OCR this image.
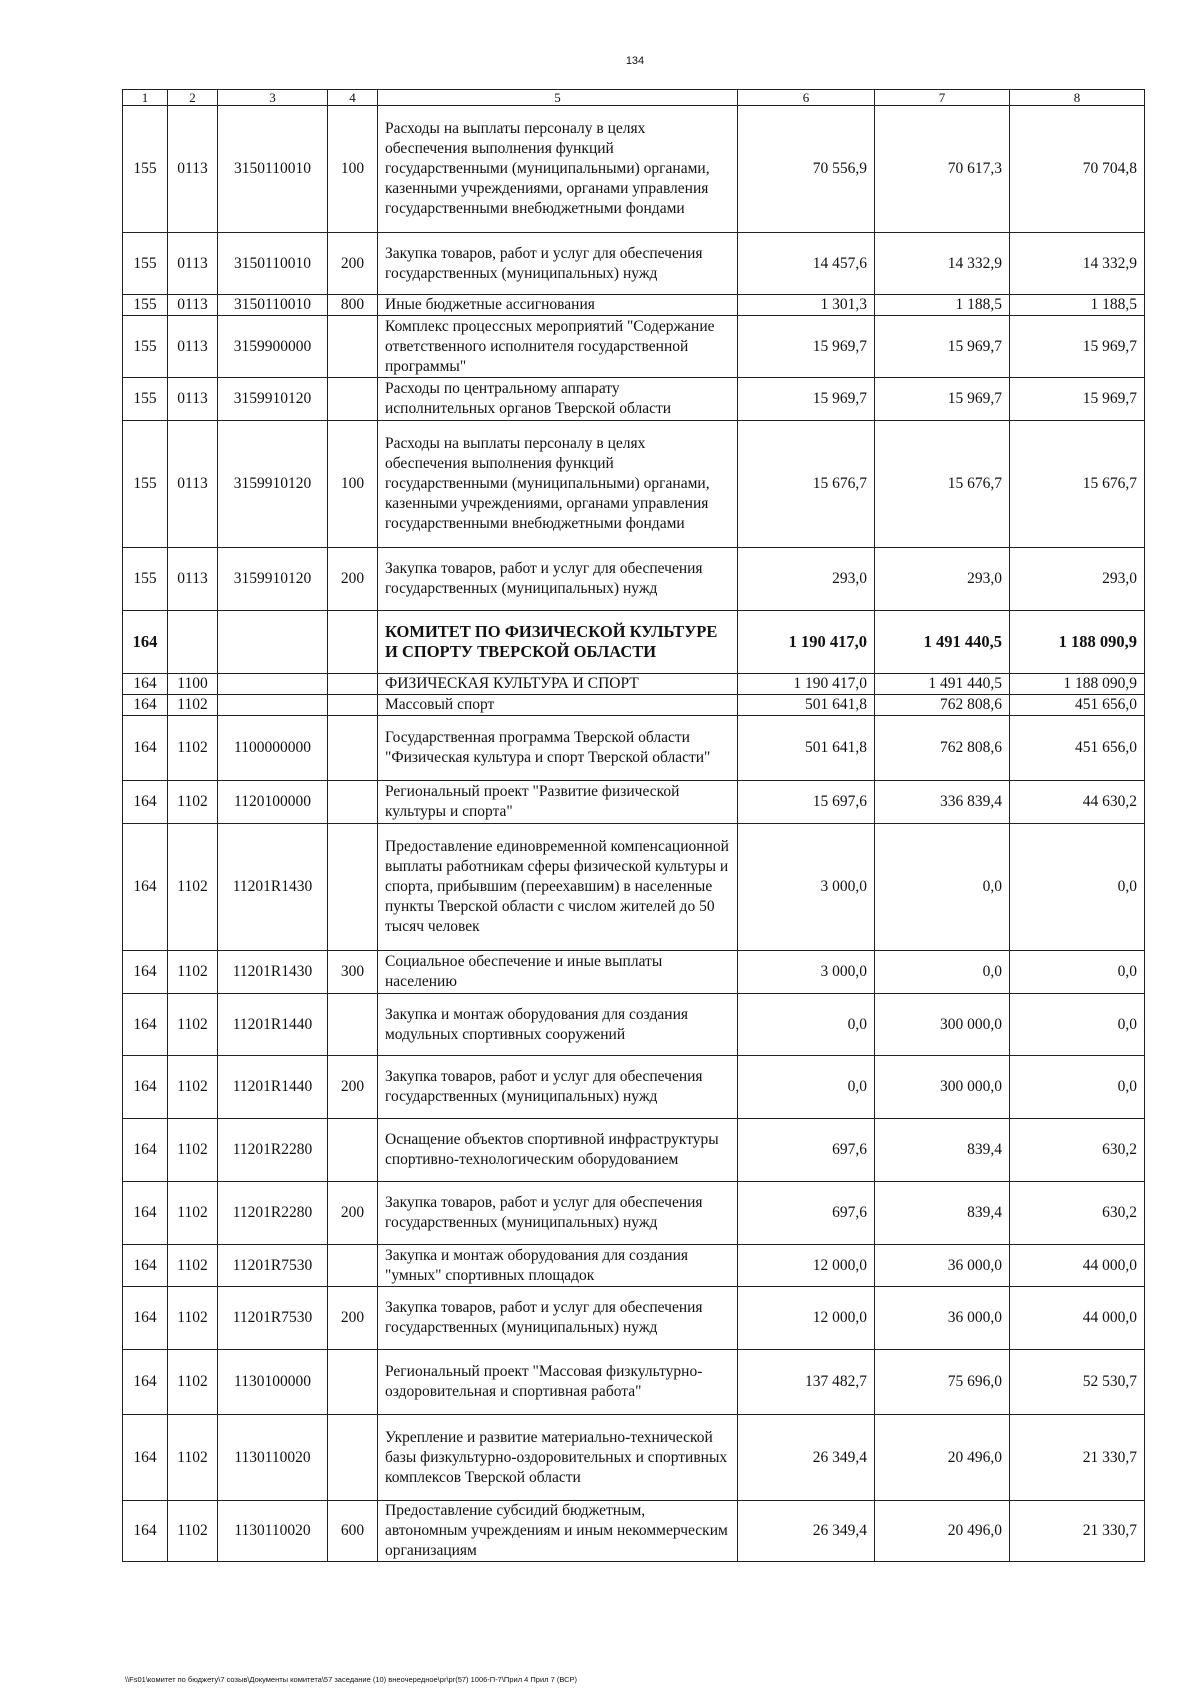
134
1	2	3	4	5	6	7	8
155	0113	3150110010	100	Расходы на выплаты персоналу в целях обеспечения выполнения функций государственными (муниципальными) органами, казенными учреждениями, органами управления государственными внебюджетными фондами	70 556,9	70 617,3	70 704,8
155	0113	3150110010	200	Закупка товаров, работ и услуг для обеспечения государственных (муниципальных) нужд	14 457,6	14 332,9	14 332,9
155	0113	3150110010	800	Иные бюджетные ассигнования	1 301,3	1 188,5	1 188,5
155	0113	3159900000		Комплекс процессных мероприятий "Содержание ответственного исполнителя государственной программы"	15 969,7	15 969,7	15 969,7
155	0113	3159910120		Расходы по центральному аппарату исполнительных органов Тверской области	15 969,7	15 969,7	15 969,7
155	0113	3159910120	100	Расходы на выплаты персоналу в целях обеспечения выполнения функций государственными (муниципальными) органами, казенными учреждениями, органами управления государственными внебюджетными фондами	15 676,7	15 676,7	15 676,7
155	0113	3159910120	200	Закупка товаров, работ и услуг для обеспечения государственных (муниципальных) нужд	293,0	293,0	293,0
164				КОМИТЕТ ПО ФИЗИЧЕСКОЙ КУЛЬТУРЕ И СПОРТУ ТВЕРСКОЙ ОБЛАСТИ	1 190 417,0	1 491 440,5	1 188 090,9
164	1100			ФИЗИЧЕСКАЯ КУЛЬТУРА И СПОРТ	1 190 417,0	1 491 440,5	1 188 090,9
164	1102			Массовый спорт	501 641,8	762 808,6	451 656,0
164	1102	1100000000		Государственная программа Тверской области "Физическая культура и спорт Тверской области"	501 641,8	762 808,6	451 656,0
164	1102	1120100000		Региональный проект "Развитие физической культуры и спорта"	15 697,6	336 839,4	44 630,2
164	1102	11201R1430		Предоставление единовременной компенсационной выплаты работникам сферы физической культуры и спорта, прибывшим (переехавшим) в населенные пункты Тверской области с числом жителей до 50 тысяч человек	3 000,0	0,0	0,0
164	1102	11201R1430	300	Социальное обеспечение и иные выплаты населению	3 000,0	0,0	0,0
164	1102	11201R1440		Закупка и монтаж оборудования для создания модульных спортивных сооружений	0,0	300 000,0	0,0
164	1102	11201R1440	200	Закупка товаров, работ и услуг для обеспечения государственных (муниципальных) нужд	0,0	300 000,0	0,0
164	1102	11201R2280		Оснащение объектов спортивной инфраструктуры спортивно-технологическим оборудованием	697,6	839,4	630,2
164	1102	11201R2280	200	Закупка товаров, работ и услуг для обеспечения государственных (муниципальных) нужд	697,6	839,4	630,2
164	1102	11201R7530		Закупка и монтаж оборудования для создания "умных" спортивных площадок	12 000,0	36 000,0	44 000,0
164	1102	11201R7530	200	Закупка товаров, работ и услуг для обеспечения государственных (муниципальных) нужд	12 000,0	36 000,0	44 000,0
164	1102	1130100000		Региональный проект "Массовая физкультурно-оздоровительная и спортивная работа"	137 482,7	75 696,0	52 530,7
164	1102	1130110020		Укрепление и развитие материально-технической базы физкультурно-оздоровительных и спортивных комплексов Тверской области	26 349,4	20 496,0	21 330,7
164	1102	1130110020	600	Предоставление субсидий бюджетным, автономным учреждениям и иным некоммерческим организациям	26 349,4	20 496,0	21 330,7
\\Fs01\комитет по бюджету\7 созыв\Документы комитета\57 заседание (10) внеочередное\pr\pr(57) 1006-П-7\Прил 4 Прил 7 (ВСР)
